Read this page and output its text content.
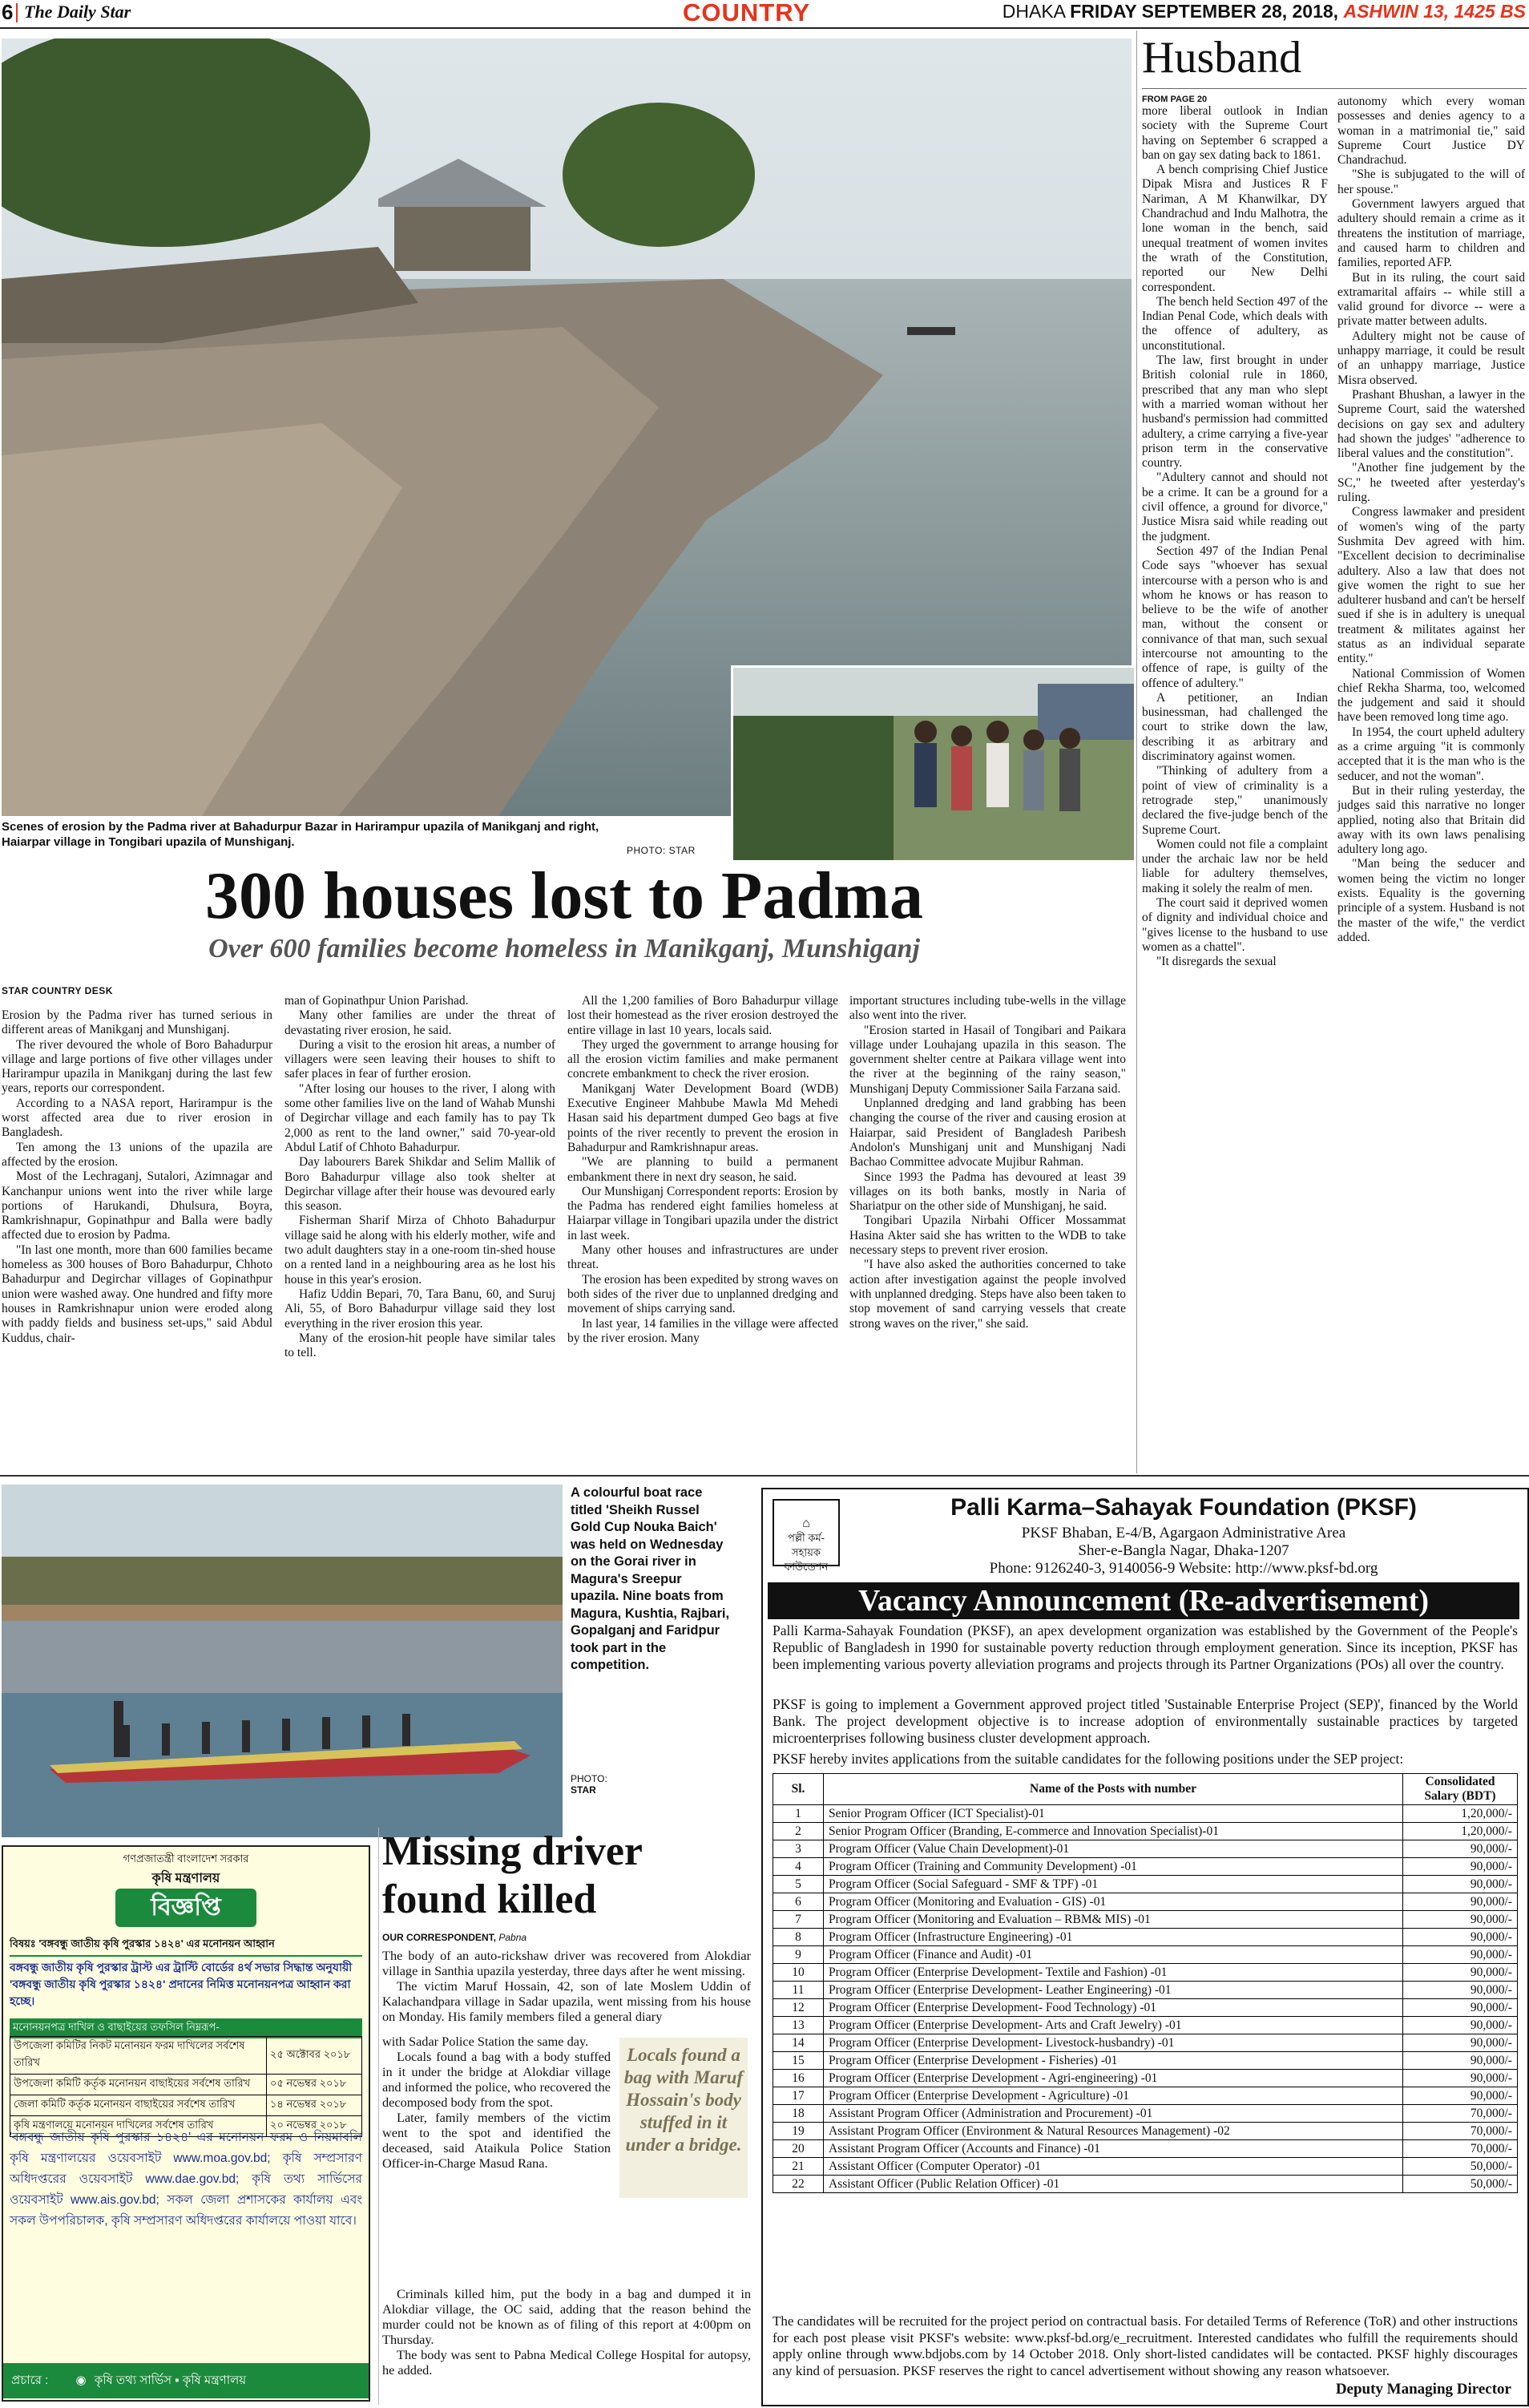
6 The Daily Star	COUNTRY	DHAKA FRIDAY SEPTEMBER 28, 2018, ASHWIN 13, 1425 BS
Scenes of erosion by the Padma river at Bahadurpur Bazar in Harirampur upazila of Manikganj and right, Haiarpar village in Tongibari upazila of Munshiganj.
PHOTO: STAR
300 houses lost to Padma
Over 600 families become homeless in Manikganj, Munshiganj
STAR COUNTRY DESK

Erosion by the Padma river has turned serious in different areas of Manikganj and Munshiganj.

The river devoured the whole of Boro Bahadurpur village and large portions of five other villages under Harirampur upazila in Manikganj during the last few years, reports our correspondent.

According to a NASA report, Harirampur is the worst affected area due to river erosion in Bangladesh.

Ten among the 13 unions of the upazila are affected by the erosion.

Most of the Lechraganj, Sutalori, Azimnagar and Kanchanpur unions went into the river while large portions of Harukandi, Dhulsura, Boyra, Ramkrishnapur, Gopinathpur and Balla were badly affected due to erosion by Padma.

"In last one month, more than 600 families became homeless as 300 houses of Boro Bahadurpur, Chhoto Bahadurpur and Degirchar villages of Gopinathpur union were washed away. One hundred and fifty more houses in Ramkrishnapur union were eroded along with paddy fields and business set-ups," said Abdul Kuddus, chair-

man of Gopinathpur Union Parishad.

Many other families are under the threat of devastating river erosion, he said.

During a visit to the erosion hit areas, a number of villagers were seen leaving their houses to shift to safer places in fear of further erosion.

"After losing our houses to the river, I along with some other families live on the land of Wahab Munshi of Degirchar village and each family has to pay Tk 2,000 as rent to the land owner," said 70-year-old Abdul Latif of Chhoto Bahadurpur.

Day labourers Barek Shikdar and Selim Mallik of Boro Bahadurpur village also took shelter at Degirchar village after their house was devoured early this season.

Fisherman Sharif Mirza of Chhoto Bahadurpur village said he along with his elderly mother, wife and two adult daughters stay in a one-room tin-shed house on a rented land in a neighbouring area as he lost his house in this year's erosion.

Hafiz Uddin Bepari, 70, Tara Banu, 60, and Suruj Ali, 55, of Boro Bahadurpur village said they lost everything in the river erosion this year.

Many of the erosion-hit people have similar tales to tell.

All the 1,200 families of Boro Bahadurpur village lost their homestead as the river erosion destroyed the entire village in last 10 years, locals said.

They urged the government to arrange housing for all the erosion victim families and make permanent concrete embankment to check the river erosion.

Manikganj Water Development Board (WDB) Executive Engineer Mahbube Mawla Md Mehedi Hasan said his department dumped Geo bags at five points of the river recently to prevent the erosion in Bahadurpur and Ramkrishnapur areas.

"We are planning to build a permanent embankment there in next dry season, he said.

Our Munshiganj Correspondent reports: Erosion by the Padma has rendered eight families homeless at Haiarpar village in Tongibari upazila under the district in last week.

Many other houses and infrastructures are under threat.

The erosion has been expedited by strong waves on both sides of the river due to unplanned dredging and movement of ships carrying sand.

In last year, 14 families in the village were affected by the river erosion. Many

important structures including tube-wells in the village also went into the river.

"Erosion started in Hasail of Tongibari and Paikara village under Louhajang upazila in this season. The government shelter centre at Paikara village went into the river at the beginning of the rainy season," Munshiganj Deputy Commissioner Saila Farzana said.

Unplanned dredging and land grabbing has been changing the course of the river and causing erosion at Haiarpar, said President of Bangladesh Paribesh Andolon's Munshiganj unit and Munshiganj Nadi Bachao Committee advocate Mujibur Rahman.

Since 1993 the Padma has devoured at least 39 villages on its both banks, mostly in Naria of Shariatpur on the other side of Munshiganj, he said.

Tongibari Upazila Nirbahi Officer Mossammat Hasina Akter said she has written to the WDB to take necessary steps to prevent river erosion.

"I have also asked the authorities concerned to take action after investigation against the people involved with unplanned dredging. Steps have also been taken to stop movement of sand carrying vessels that create strong waves on the river," she said.

Husband
FROM PAGE 20

more liberal outlook in Indian society with the Supreme Court having on September 6 scrapped a ban on gay sex dating back to 1861.

A bench comprising Chief Justice Dipak Misra and Justices R F Nariman, A M Khanwilkar, DY Chandrachud and Indu Malhotra, the lone woman in the bench, said unequal treatment of women invites the wrath of the Constitution, reported our New Delhi correspondent.

The bench held Section 497 of the Indian Penal Code, which deals with the offence of adultery, as unconstitutional.

The law, first brought in under British colonial rule in 1860, prescribed that any man who slept with a married woman without her husband's permission had committed adultery, a crime carrying a five-year prison term in the conservative country.

"Adultery cannot and should not be a crime. It can be a ground for a civil offence, a ground for divorce," Justice Misra said while reading out the judgment.

Section 497 of the Indian Penal Code says "whoever has sexual intercourse with a person who is and whom he knows or has reason to believe to be the wife of another man, without the consent or connivance of that man, such sexual intercourse not amounting to the offence of rape, is guilty of the offence of adultery."

A petitioner, an Indian businessman, had challenged the court to strike down the law, describing it as arbitrary and discriminatory against women.

"Thinking of adultery from a point of view of criminality is a retrograde step," unanimously declared the five-judge bench of the Supreme Court.

Women could not file a complaint under the archaic law nor be held liable for adultery themselves, making it solely the realm of men.

The court said it deprived women of dignity and individual choice and "gives license to the husband to use women as a chattel".

"It disregards the sexual

autonomy which every woman possesses and denies agency to a woman in a matrimonial tie," said Supreme Court Justice DY Chandrachud.

"She is subjugated to the will of her spouse."

Government lawyers argued that adultery should remain a crime as it threatens the institution of marriage, and caused harm to children and families, reported AFP.

But in its ruling, the court said extramarital affairs -- while still a valid ground for divorce -- were a private matter between adults.

Adultery might not be cause of unhappy marriage, it could be result of an unhappy marriage, Justice Misra observed.

Prashant Bhushan, a lawyer in the Supreme Court, said the watershed decisions on gay sex and adultery had shown the judges' "adherence to liberal values and the constitution".

"Another fine judgement by the SC," he tweeted after yesterday's ruling.

Congress lawmaker and president of women's wing of the party Sushmita Dev agreed with him. "Excellent decision to decriminalise adultery. Also a law that does not give women the right to sue her adulterer husband and can't be herself sued if she is in adultery is unequal treatment & militates against her status as an individual separate entity."

National Commission of Women chief Rekha Sharma, too, welcomed the judgement and said it should have been removed long time ago.

In 1954, the court upheld adultery as a crime arguing "it is commonly accepted that it is the man who is the seducer, and not the woman".

But in their ruling yesterday, the judges said this narrative no longer applied, noting also that Britain did away with its own laws penalising adultery long ago.

"Man being the seducer and women being the victim no longer exists. Equality is the governing principle of a system. Husband is not the master of the wife," the verdict added.

A colourful boat race titled 'Sheikh Russel Gold Cup Nouka Baich' was held on Wednesday on the Gorai river in Magura's Sreepur upazila. Nine boats from Magura, Kushtia, Rajbari, Gopalganj and Faridpur took part in the competition.
PHOTO:
STAR
গণপ্রজাতন্ত্রী বাংলাদেশ সরকার
কৃষি মন্ত্রণালয়
বিজ্ঞপ্তি
বিষয়ঃ 'বঙ্গবন্ধু জাতীয় কৃষি পুরস্কার ১৪২৪' এর মনোনয়ন আহ্বান
বঙ্গবন্ধু জাতীয় কৃষি পুরস্কার ট্রাস্ট এর ট্রাস্টি বোর্ডের ৪র্থ সভার সিদ্ধান্ত অনুযায়ী 'বঙ্গবন্ধু জাতীয় কৃষি পুরস্কার ১৪২৪' প্রদানের নিমিত্ত মনোনয়নপত্র আহ্বান করা হচ্ছে।
মনোনয়নপত্র দাখিল ও বাছাইয়ের তফসিল নিম্নরূপ-
উপজেলা কমিটির নিকট মনোনয়ন ফরম দাখিলের সর্বশেষ তারিখ	২৫ অক্টোবর ২০১৮
উপজেলা কমিটি কর্তৃক মনোনয়ন বাছাইয়ের সর্বশেষ তারিখ	০৫ নভেম্বর ২০১৮
জেলা কমিটি কর্তৃক মনোনয়ন বাছাইয়ের সর্বশেষ তারিখ	১৪ নভেম্বর ২০১৮
কৃষি মন্ত্রণালয়ে মনোনয়ন দাখিলের সর্বশেষ তারিখ	২০ নভেম্বর ২০১৮
'বঙ্গবন্ধু জাতীয় কৃষি পুরস্কার ১৪২৪' এর মনোনয়ন ফরম ও নিয়মাবলি কৃষি মন্ত্রণালয়ের ওয়েবসাইট www.moa.gov.bd; কৃষি সম্প্রসারণ অধিদপ্তরের ওয়েবসাইট www.dae.gov.bd; কৃষি তথ্য সার্ভিসের ওয়েবসাইট www.ais.gov.bd; সকল জেলা প্রশাসকের কার্যালয় এবং সকল উপপরিচালক, কৃষি সম্প্রসারণ অধিদপ্তরের কার্যালয়ে পাওয়া যাবে।
প্রচারে : ◉ কৃষি তথ্য সার্ভিস ▪ কৃষি মন্ত্রণালয়
Missing driver
found killed
OUR CORRESPONDENT, Pabna

The body of an auto-rickshaw driver was recovered from Alokdiar village in Santhia upazila yesterday, three days after he went missing.

The victim Maruf Hossain, 42, son of late Moslem Uddin of Kalachandpara village in Sadar upazila, went missing from his house on Monday. His family members filed a general diary

with Sadar Police Station the same day.

Locals found a bag with a body stuffed in it under the bridge at Alokdiar village and informed the police, who recovered the decomposed body from the spot.

Later, family members of the victim went to the spot and identified the deceased, said Ataikula Police Station Officer-in-Charge Masud Rana.

Locals found a bag with Maruf Hossain's body stuffed in it under a bridge.

Criminals killed him, put the body in a bag and dumped it in Alokdiar village, the OC said, adding that the reason behind the murder could not be known as of filing of this report at 4:00pm on Thursday.

The body was sent to Pabna Medical College Hospital for autopsy, he added.

⌂
পল্লী কর্ম-সহায়ক ফাউন্ডেশন
Palli Karma–Sahayak Foundation (PKSF)
PKSF Bhaban, E-4/B, Agargaon Administrative Area
Sher-e-Bangla Nagar, Dhaka-1207
Phone: 9126240-3, 9140056-9 Website: http://www.pksf-bd.org
Vacancy Announcement (Re-advertisement)
Palli Karma-Sahayak Foundation (PKSF), an apex development organization was established by the Government of the People's Republic of Bangladesh in 1990 for sustainable poverty reduction through employment generation. Since its inception, PKSF has been implementing various poverty alleviation programs and projects through its Partner Organizations (POs) all over the country.
PKSF is going to implement a Government approved project titled 'Sustainable Enterprise Project (SEP)', financed by the World Bank. The project development objective is to increase adoption of environmentally sustainable practices by targeted microenterprises following business cluster development approach.
PKSF hereby invites applications from the suitable candidates for the following positions under the SEP project:
Sl.	Name of the Posts with number	Consolidated Salary (BDT)
1	Senior Program Officer (ICT Specialist)-01	1,20,000/-
2	Senior Program Officer (Branding, E-commerce and Innovation Specialist)-01	1,20,000/-
3	Program Officer (Value Chain Development)-01	90,000/-
4	Program Officer (Training and Community Development) -01	90,000/-
5	Program Officer (Social Safeguard - SMF & TPF) -01	90,000/-
6	Program Officer (Monitoring and Evaluation - GIS) -01	90,000/-
7	Program Officer (Monitoring and Evaluation – RBM& MIS) -01	90,000/-
8	Program Officer (Infrastructure Engineering) -01	90,000/-
9	Program Officer (Finance and Audit) -01	90,000/-
10	Program Officer (Enterprise Development- Textile and Fashion) -01	90,000/-
11	Program Officer (Enterprise Development- Leather Engineering) -01	90,000/-
12	Program Officer (Enterprise Development- Food Technology) -01	90,000/-
13	Program Officer (Enterprise Development- Arts and Craft Jewelry) -01	90,000/-
14	Program Officer (Enterprise Development- Livestock-husbandry) -01	90,000/-
15	Program Officer (Enterprise Development - Fisheries) -01	90,000/-
16	Program Officer (Enterprise Development - Agri-engineering) -01	90,000/-
17	Program Officer (Enterprise Development - Agriculture) -01	90,000/-
18	Assistant Program Officer (Administration and Procurement) -01	70,000/-
19	Assistant Program Officer (Environment & Natural Resources Management) -02	70,000/-
20	Assistant Program Officer (Accounts and Finance) -01	70,000/-
21	Assistant Officer (Computer Operator) -01	50,000/-
22	Assistant Officer (Public Relation Officer) -01	50,000/-
The candidates will be recruited for the project period on contractual basis. For detailed Terms of Reference (ToR) and other instructions for each post please visit PKSF's website: www.pksf-bd.org/e_recruitment. Interested candidates who fulfill the requirements should apply online through www.bdjobs.com by 14 October 2018. Only short-listed candidates will be contacted. PKSF highly discourages any kind of persuasion. PKSF reserves the right to cancel advertisement without showing any reason whatsoever.
Deputy Managing Director
